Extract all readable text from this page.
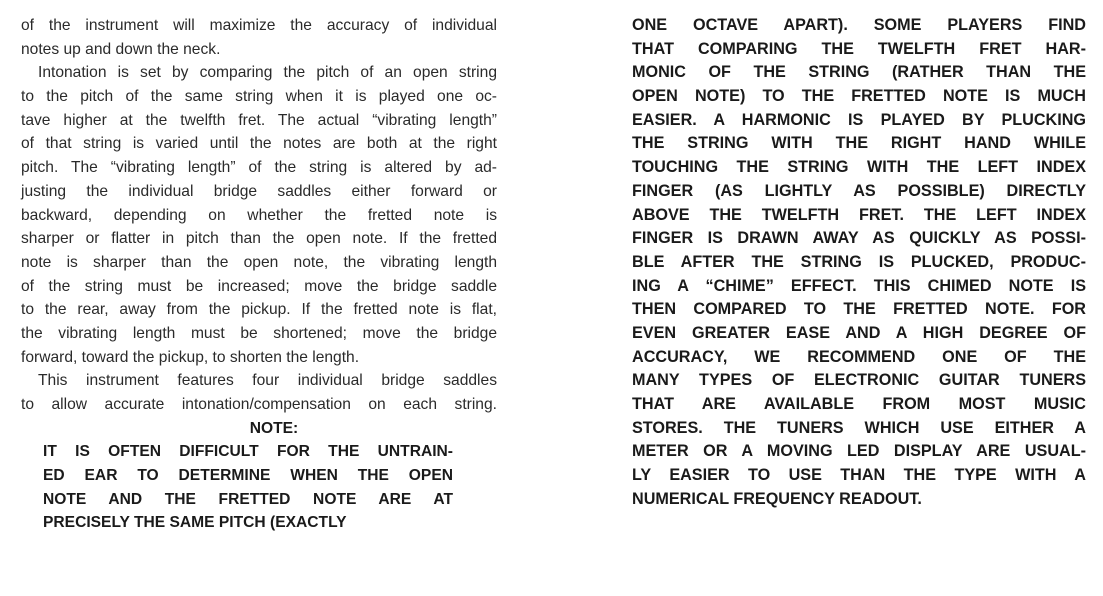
of the instrument will maximize the accuracy of individual
notes up and down the neck.
Intonation is set by comparing the pitch of an open string
to the pitch of the same string when it is played one oc-
tave higher at the twelfth fret. The actual “vibrating length”
of that string is varied until the notes are both at the right
pitch. The “vibrating length” of the string is altered by ad-
justing the individual bridge saddles either forward or
backward, depending on whether the fretted note is
sharper or flatter in pitch than the open note. If the fretted
note is sharper than the open note, the vibrating length
of the string must be increased; move the bridge saddle
to the rear, away from the pickup. If the fretted note is flat,
the vibrating length must be shortened; move the bridge
forward, toward the pickup, to shorten the length.
This instrument features four individual bridge saddles
to allow accurate intonation/compensation on each string.
NOTE:
IT IS OFTEN DIFFICULT FOR THE UNTRAIN-
ED EAR TO DETERMINE WHEN THE OPEN
NOTE AND THE FRETTED NOTE ARE AT
PRECISELY THE SAME PITCH (EXACTLY
ONE OCTAVE APART). SOME PLAYERS FIND
THAT COMPARING THE TWELFTH FRET HAR-
MONIC OF THE STRING (RATHER THAN THE
OPEN NOTE) TO THE FRETTED NOTE IS MUCH
EASIER. A HARMONIC IS PLAYED BY PLUCKING
THE STRING WITH THE RIGHT HAND WHILE
TOUCHING THE STRING WITH THE LEFT INDEX
FINGER (AS LIGHTLY AS POSSIBLE) DIRECTLY
ABOVE THE TWELFTH FRET. THE LEFT INDEX
FINGER IS DRAWN AWAY AS QUICKLY AS POSSI-
BLE AFTER THE STRING IS PLUCKED, PRODUC-
ING A “CHIME” EFFECT. THIS CHIMED NOTE IS
THEN COMPARED TO THE FRETTED NOTE. FOR
EVEN GREATER EASE AND A HIGH DEGREE OF
ACCURACY, WE RECOMMEND ONE OF THE
MANY TYPES OF ELECTRONIC GUITAR TUNERS
THAT ARE AVAILABLE FROM MOST MUSIC
STORES. THE TUNERS WHICH USE EITHER A
METER OR A MOVING LED DISPLAY ARE USUAL-
LY EASIER TO USE THAN THE TYPE WITH A
NUMERICAL FREQUENCY READOUT.
